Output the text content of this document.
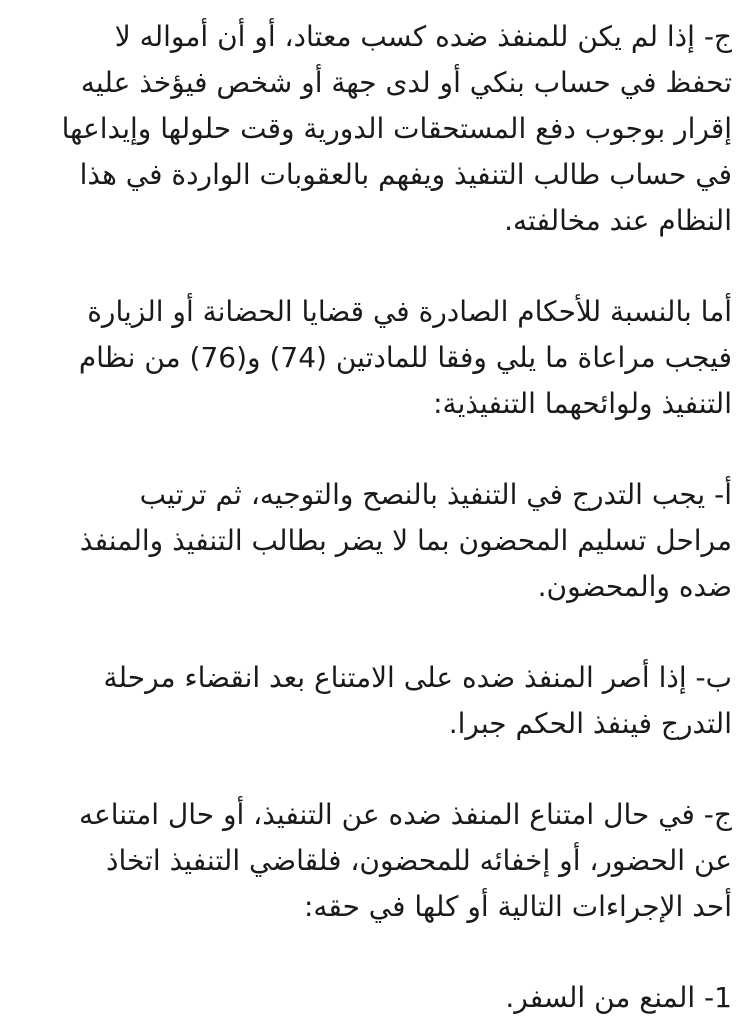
ج- إذا لم يكن للمنفذ ضده كسب معتاد، أو أن أمواله لا
تحفظ في حساب بنكي أو لدى جهة أو شخص فيؤخذ عليه
إقرار بوجوب دفع المستحقات الدورية وقت حلولها وإيداعها
في حساب طالب التنفيذ ويفهم بالعقوبات الواردة في هذا
النظام عند مخالفته.

أما بالنسبة للأحكام الصادرة في قضايا الحضانة أو الزيارة
فيجب مراعاة ما يلي وفقا للمادتين (74) و(76) من نظام
التنفيذ ولوائحهما التنفيذية:

أ- يجب التدرج في التنفيذ بالنصح والتوجيه، ثم ترتيب
مراحل تسليم المحضون بما لا يضر بطالب التنفيذ والمنفذ
ضده والمحضون.

ب- إذا أصر المنفذ ضده على الامتناع بعد انقضاء مرحلة
التدرج فينفذ الحكم جبرا.

ج- في حال امتناع المنفذ ضده عن التنفيذ، أو حال امتناعه
عن الحضور، أو إخفائه للمحضون، فلقاضي التنفيذ اتخاذ
أحد الإجراءات التالية أو كلها في حقه:

1- المنع من السفر.
